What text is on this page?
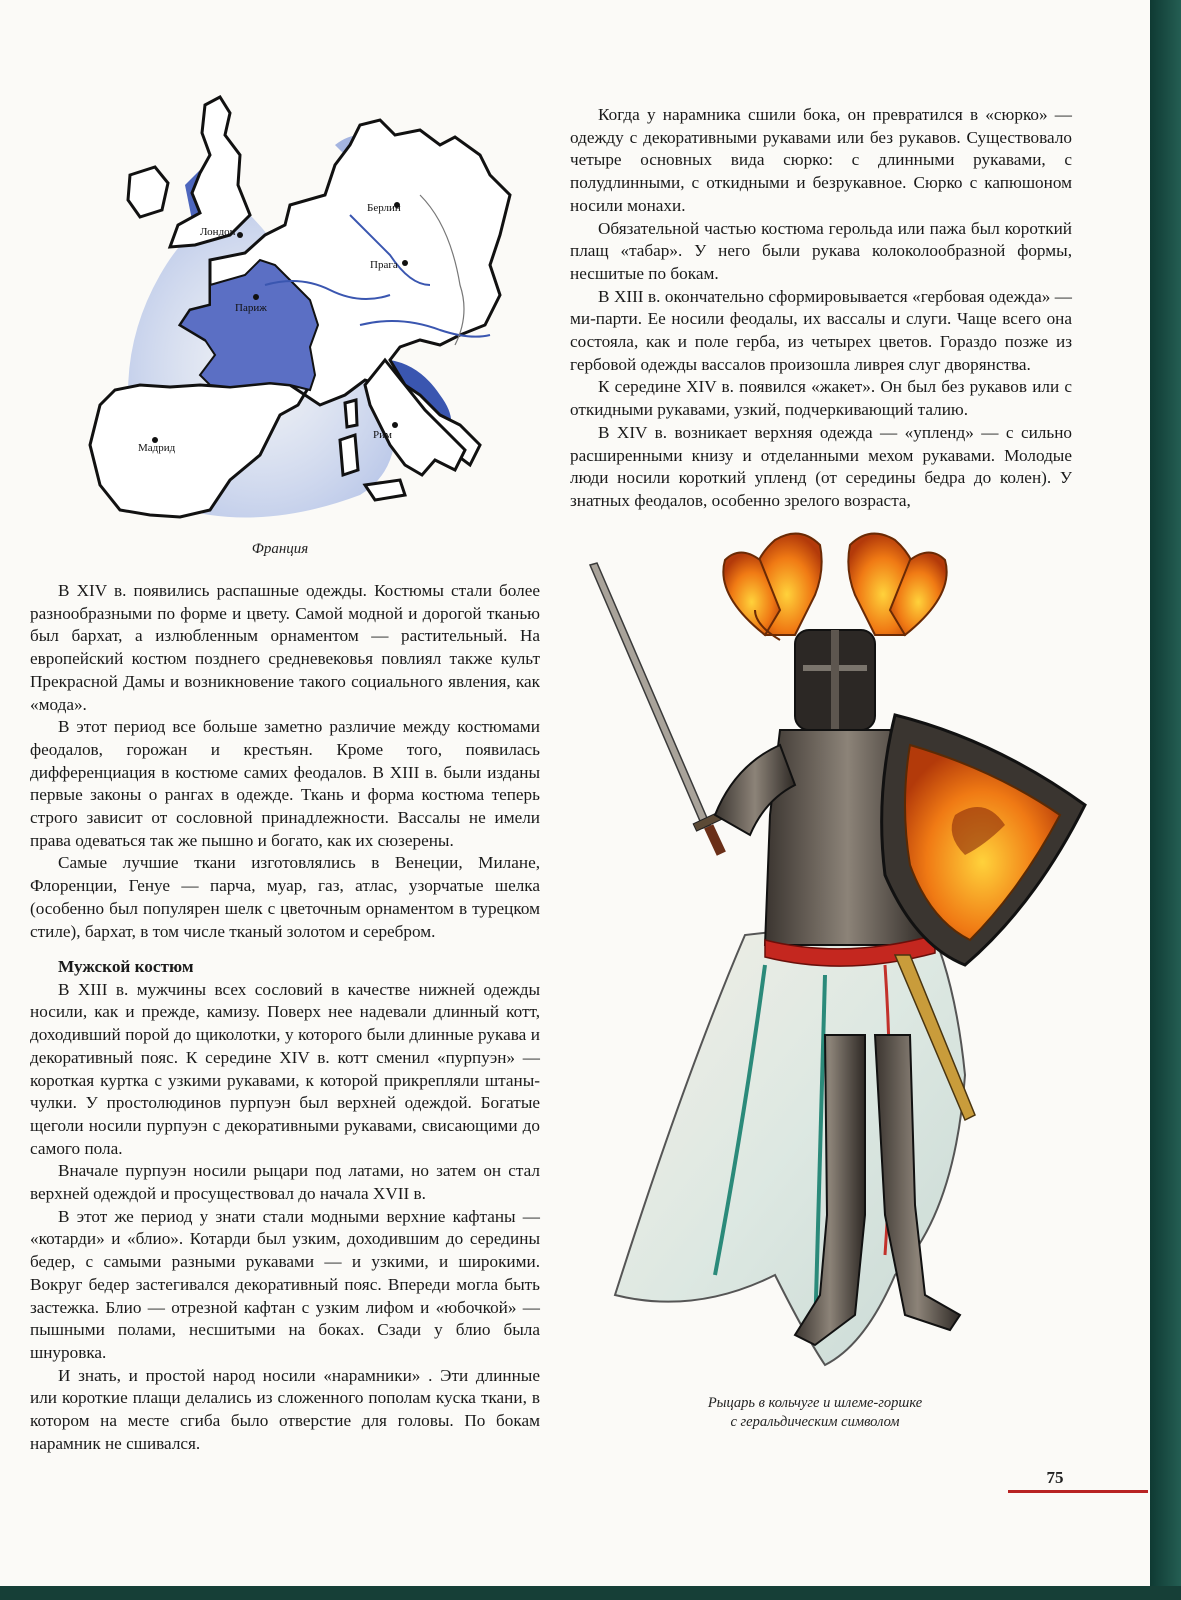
Лондон
Берлин
Прага
Париж
Мадрид
Рим
Франция

Когда у нарамника сшили бока, он превратился в «сюрко» — одежду с декоративными рукавами или без рукавов. Существовало четыре основных вида сюрко: с длинными рукавами, с полудлинными, с откидными и безрукавное. Сюрко с капюшоном носили монахи.

Обязательной частью костюма герольда или пажа был короткий плащ «табар». У него были рукава колоколообразной формы, несшитые по бокам.

В XIII в. окончательно сформировывается «гербовая одежда» — ми-парти. Ее носили феодалы, их вассалы и слуги. Чаще всего она состояла, как и поле герба, из четырех цветов. Гораздо позже из гербовой одежды вассалов произошла ливрея слуг дворянства.

К середине XIV в. появился «жакет». Он был без рукавов или с откидными рукавами, узкий, подчеркивающий талию.

В XIV в. возникает верхняя одежда — «упленд» — с сильно расширенными книзу и отделанными мехом рукавами. Молодые люди носили короткий упленд (от середины бедра до колен). У знатных феодалов, особенно зрелого возраста,

В XIV в. появились распашные одежды. Костюмы стали более разнообразными по форме и цвету. Самой модной и дорогой тканью был бархат, а излюбленным орнаментом — растительный. На европейский костюм позднего средневековья повлиял также культ Прекрасной Дамы и возникновение такого социального явления, как «мода».

В этот период все больше заметно различие между костюмами феодалов, горожан и крестьян. Кроме того, появилась дифференциация в костюме самих феодалов. В XIII в. были изданы первые законы о рангах в одежде. Ткань и форма костюма теперь строго зависит от сословной принадлежности. Вассалы не имели права одеваться так же пышно и богато, как их сюзерены.

Самые лучшие ткани изготовлялись в Венеции, Милане, Флоренции, Генуе — парча, муар, газ, атлас, узорчатые шелка (особенно был популярен шелк с цветочным орнаментом в турецком стиле), бархат, в том числе тканый золотом и серебром.

Мужской костюм

В XIII в. мужчины всех сословий в качестве нижней одежды носили, как и прежде, камизу. Поверх нее надевали длинный котт, доходивший порой до щиколотки, у которого были длинные рукава и декоративный пояс. К середине XIV в. котт сменил «пурпуэн» — короткая куртка с узкими рукавами, к которой прикрепляли штаны-чулки. У простолюдинов пурпуэн был верхней одеждой. Богатые щеголи носили пурпуэн с декоративными рукавами, свисающими до самого пола.

Вначале пурпуэн носили рыцари под латами, но затем он стал верхней одеждой и просуществовал до начала XVII в.

В этот же период у знати стали модными верхние кафтаны — «котарди» и «блио». Котарди был узким, доходившим до середины бедер, с самыми разными рукавами — и узкими, и широкими. Вокруг бедер застегивался декоративный пояс. Впереди могла быть застежка. Блио — отрезной кафтан с узким лифом и «юбочкой» — пышными полами, несшитыми на боках. Сзади у блио была шнуровка.

И знать, и простой народ носили «нарамники» . Эти длинные или короткие плащи делались из сложенного пополам куска ткани, в котором на месте сгиба было отверстие для головы. По бокам нарамник не сшивался.

Рыцарь в кольчуге и шлеме-горшке
с геральдическим символом
75
